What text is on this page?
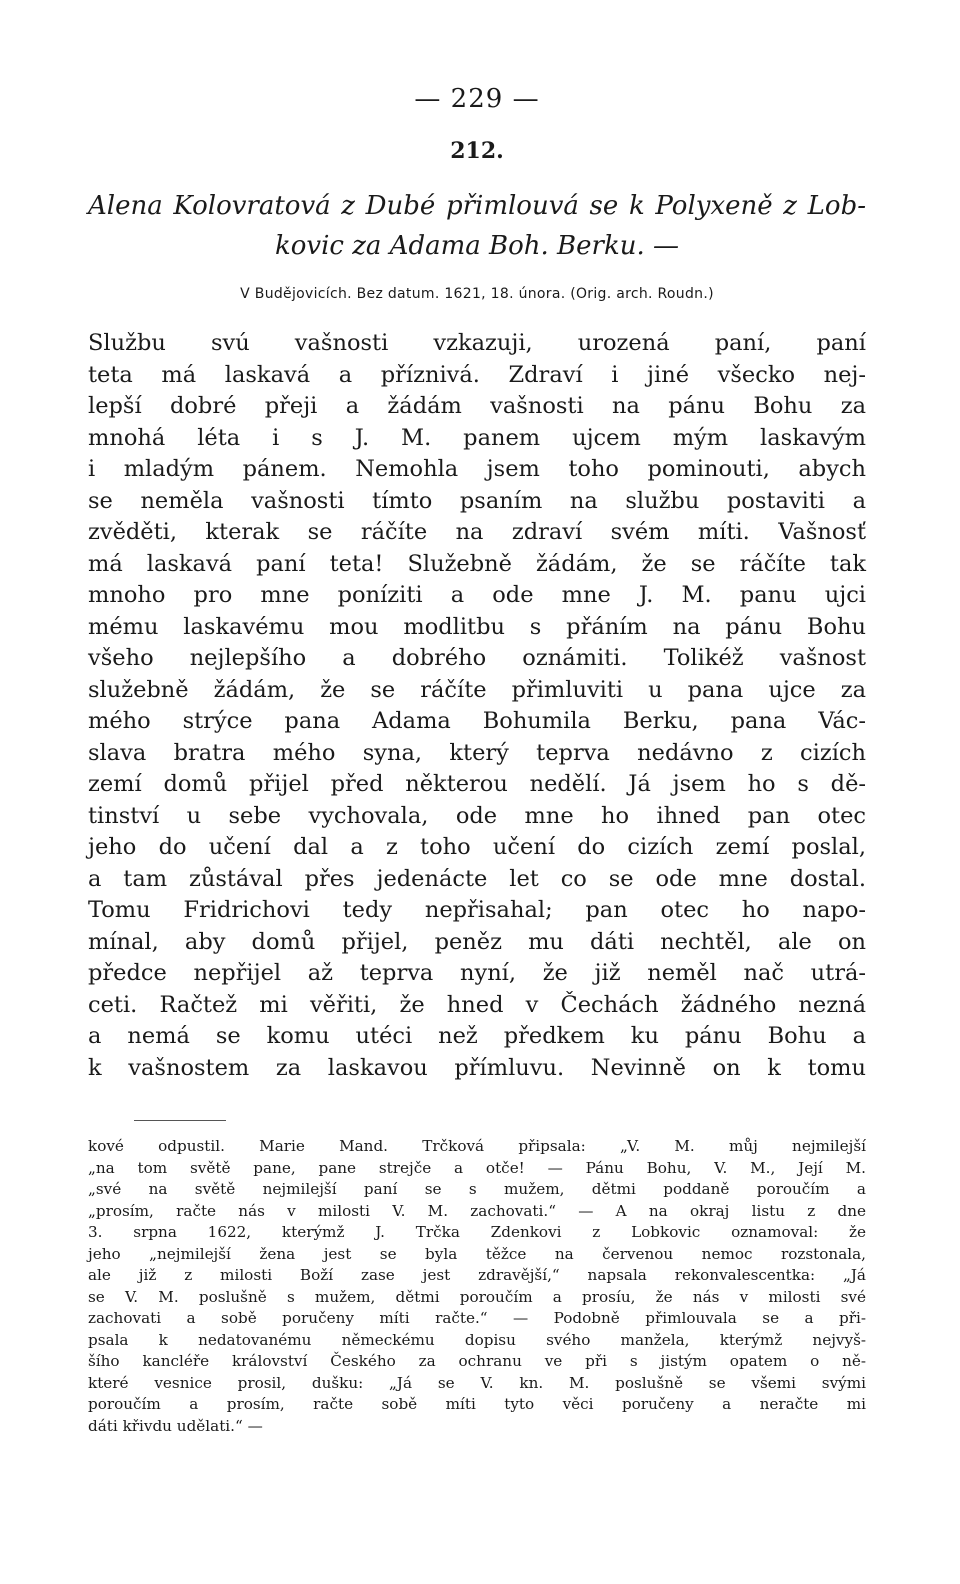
— 229 —
212.
Alena Kolovratová z Dubé přimlouvá se k Polyxeně z Lob-
kovic za Adama Boh. Berku. —
V Budějovicích. Bez datum. 1621, 18. února. (Orig. arch. Roudn.)
Službu svú vašnosti vzkazuji, urozená paní, paní
teta má laskavá a příznivá. Zdraví i jiné všecko nej-
lepší dobré přeji a žádám vašnosti na pánu Bohu za
mnohá léta i s J. M. panem ujcem mým laskavým
i mladým pánem. Nemohla jsem toho pominouti, abych
se neměla vašnosti tímto psaním na službu postaviti a
zvěděti, kterak se ráčíte na zdraví svém míti. Vašnosť
má laskavá paní teta! Služebně žádám, že se ráčíte tak
mnoho pro mne poníziti a ode mne J. M. panu ujci
mému laskavému mou modlitbu s přáním na pánu Bohu
všeho nejlepšího a dobrého oznámiti. Tolikéž vašnost
služebně žádám, že se ráčíte přimluviti u pana ujce za
mého strýce pana Adama Bohumila Berku, pana Vác-
slava bratra mého syna, který teprva nedávno z cizích
zemí domů přijel před některou nedělí. Já jsem ho s dě-
tinství u sebe vychovala, ode mne ho ihned pan otec
jeho do učení dal a z toho učení do cizích zemí poslal,
a tam zůstával přes jedenácte let co se ode mne dostal.
Tomu Fridrichovi tedy nepřisahal; pan otec ho napo-
mínal, aby domů přijel, peněz mu dáti nechtěl, ale on
předce nepřijel až teprva nyní, že již neměl nač utrá-
ceti. Račtež mi věřiti, že hned v Čechách žádného nezná
a nemá se komu utéci než předkem ku pánu Bohu a
k vašnostem za laskavou přímluvu. Nevinně on k tomu
kové odpustil. Marie Mand. Trčková připsala: „V. M. můj nejmilejší
„na tom světě pane, pane strejče a otče! — Pánu Bohu, V. M., Její M.
„své na světě nejmilejší paní se s mužem, dětmi poddaně poroučím a
„prosím, račte nás v milosti V. M. zachovati.“ — A na okraj listu z dne
3. srpna 1622, kterýmž J. Trčka Zdenkovi z Lobkovic oznamoval: že
jeho „nejmilejší žena jest se byla těžce na červenou nemoc rozstonala,
ale již z milosti Boží zase jest zdravější,“ napsala rekonvalescentka: „Já
se V. M. poslušně s mužem, dětmi poroučím a prosíu, že nás v milosti své
zachovati a sobě poručeny míti račte.“ — Podobně přimlouvala se a při-
psala k nedatovanému německému dopisu svého manžela, kterýmž nejvyš-
šího kancléře království Českého za ochranu ve při s jistým opatem o ně-
které vesnice prosil, dušku: „Já se V. kn. M. poslušně se všemi svými
poroučím a prosím, račte sobě míti tyto věci poručeny a neračte mi
dáti křivdu udělati.“ —
